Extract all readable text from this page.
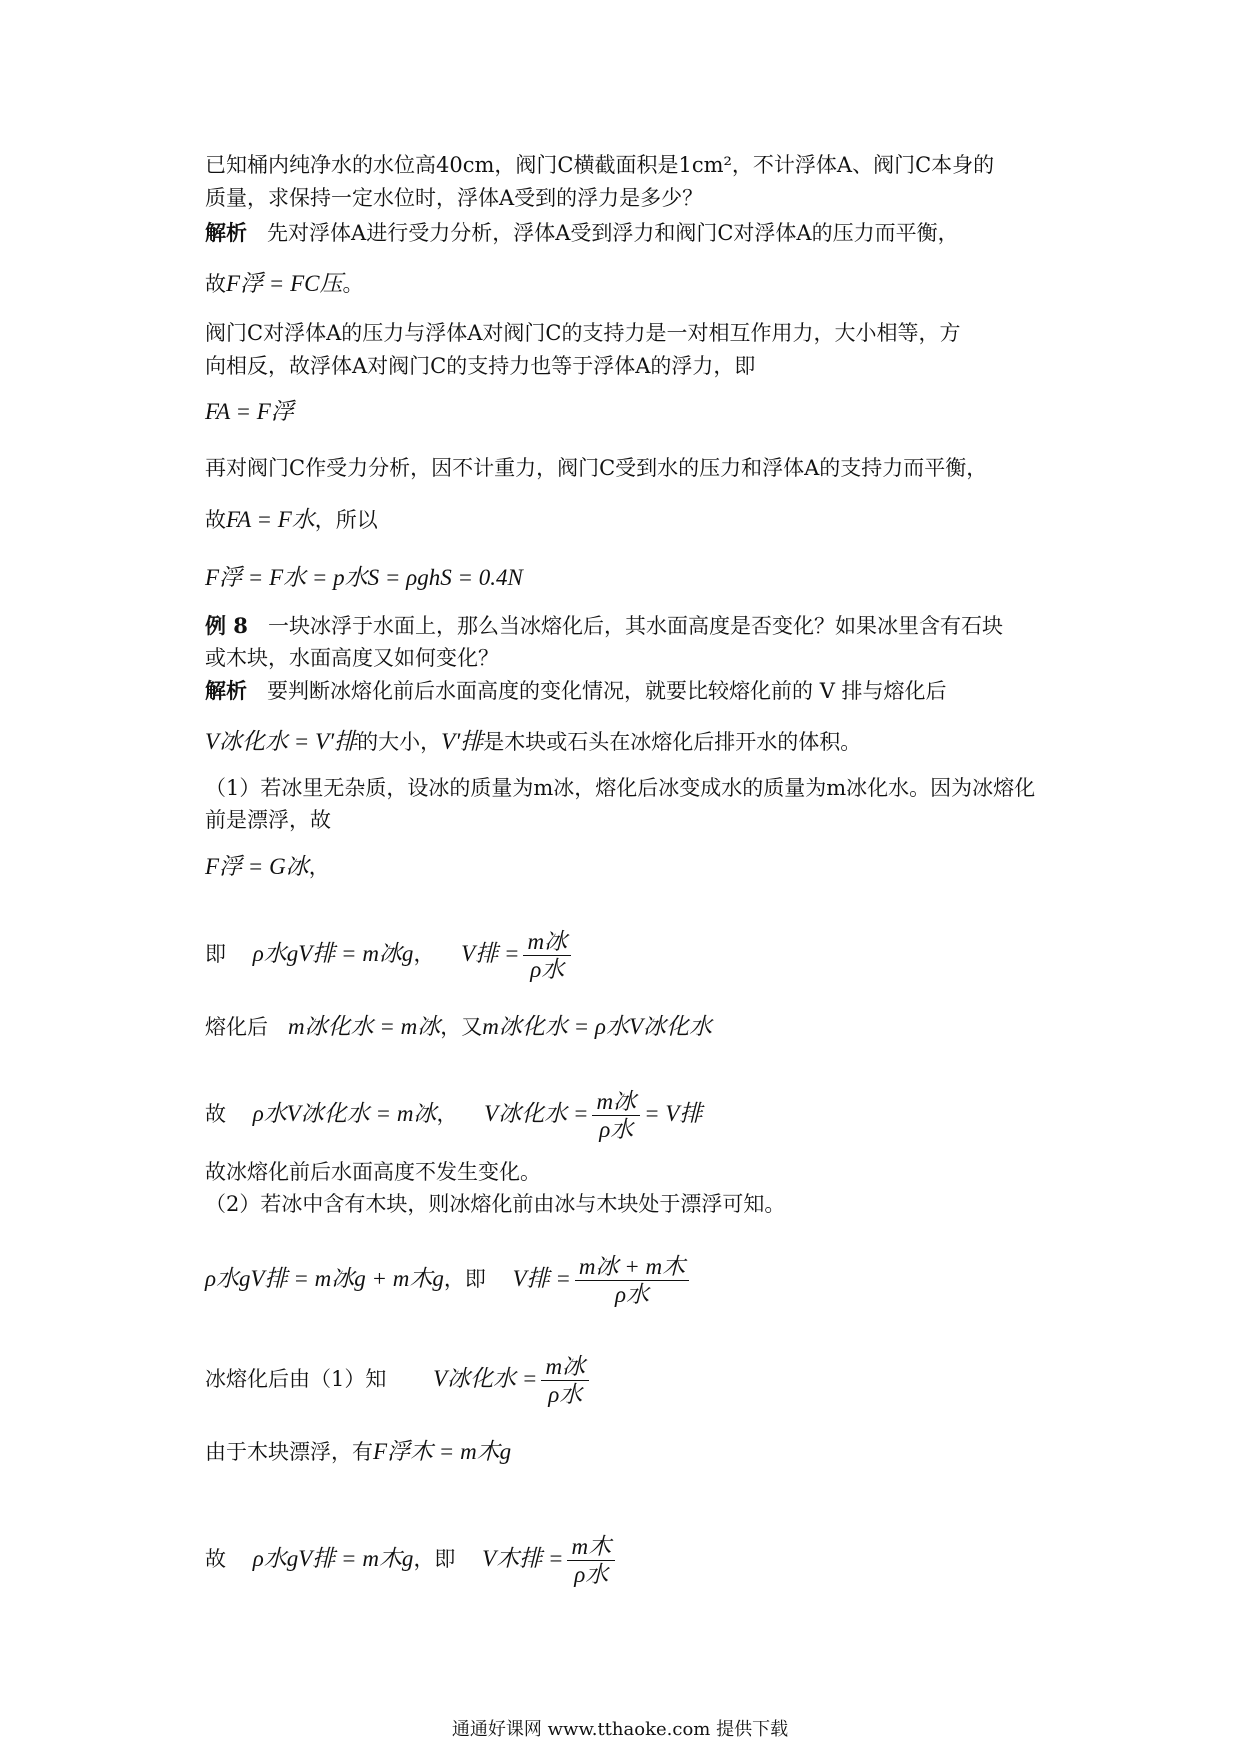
已知桶内纯净水的水位高40cm，阀门C横截面积是1cm²，不计浮体A、阀门C本身的
质量，求保持一定水位时，浮体A受到的浮力是多少？
解析 先对浮体A进行受力分析，浮体A受到浮力和阀门C对浮体A的压力而平衡，
故F浮 = FC压。
阀门C对浮体A的压力与浮体A对阀门C的支持力是一对相互作用力，大小相等，方
向相反，故浮体A对阀门C的支持力也等于浮体A的浮力，即
FA = F浮
再对阀门C作受力分析，因不计重力，阀门C受到水的压力和浮体A的支持力而平衡，
故FA = F水，所以
F浮 = F水 = p水S = ρghS = 0.4N
例 8 一块冰浮于水面上，那么当冰熔化后，其水面高度是否变化？如果冰里含有石块
或木块，水面高度又如何变化？
解析 要判断冰熔化前后水面高度的变化情况，就要比较熔化前的 V 排与熔化后
V冰化水 = V′排的大小，V′排是木块或石头在冰熔化后排开水的体积。
（1）若冰里无杂质，设冰的质量为m冰，熔化后冰变成水的质量为m冰化水。因为冰熔化
前是漂浮，故
F浮 = G冰，
即 ρ水gV排 = m冰g， V排 = $\frac{\text{m冰}}{\text{ρ水}}$
熔化后 m冰化水 = m冰，又m冰化水 = ρ水V冰化水
故 ρ水V冰化水 = m冰， V冰化水 = $\frac{\text{m冰}}{\text{ρ水}} = V$排
故冰熔化前后水面高度不发生变化。
（2）若冰中含有木块，则冰熔化前由冰与木块处于漂浮可知。
ρ水gV排 = m冰g + m木g，即 V排 = $\frac{\text{m冰 + m木}}{\text{ρ水}}$
冰熔化后由（1）知 V冰化水 = $\frac{\text{m冰}}{\text{ρ水}}$
由于木块漂浮，有F浮木 = m木g
故 ρ水gV排 = m木g，即 V木排 = $\frac{\text{m木}}{\text{ρ水}}$
通通好课网 www.tthaoke.com 提供下载
